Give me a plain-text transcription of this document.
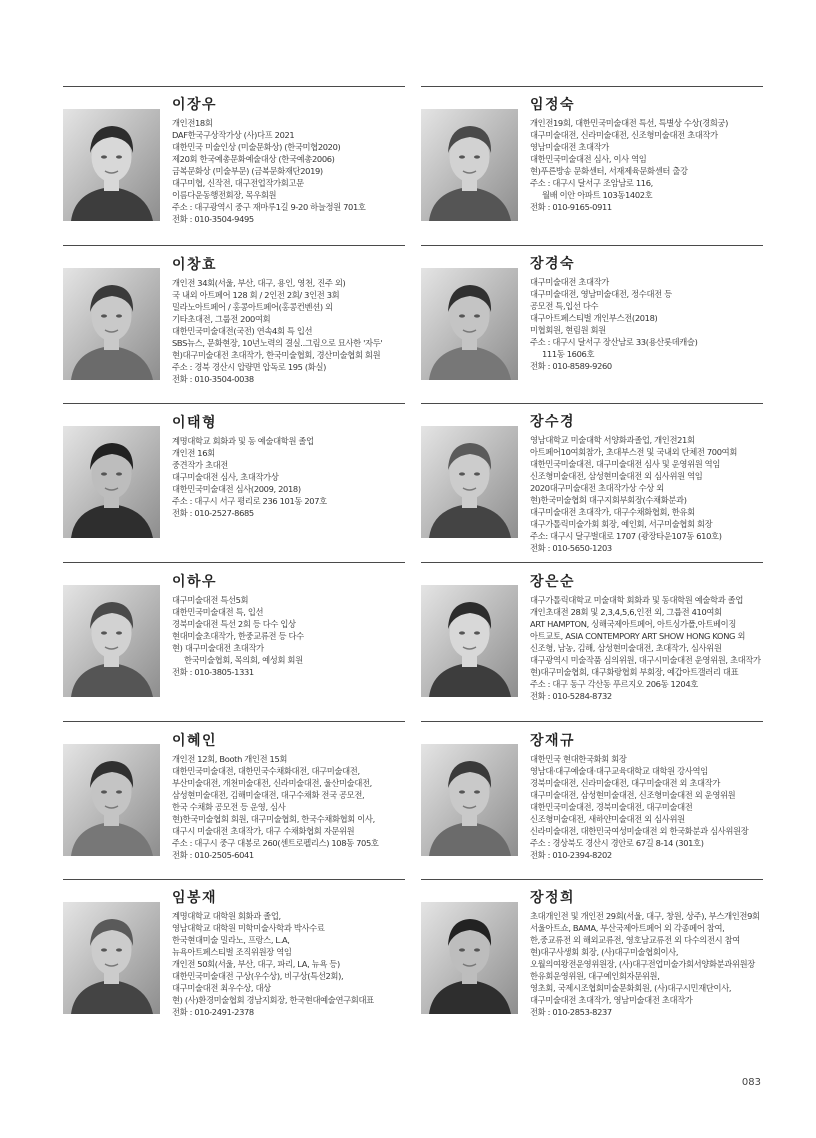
이장우
개인전18회
DAF한국구상작가상 (사)다프 2021
대한민국 미술인상 (미술문화상) (한국미협2020)
제20회 한국예총문화예술대상 (한국예총2006)
금복문화상 (미술부문) (금복문화재단2019)
대구미협, 신작전, 대구전업작가회고문
이름다운동행전회장, 목우회원
주소 : 대구광역시 중구 재마루1길 9-20 하늘정원 701호
전화 : 010-3504-9495
이창효
개인전 34회(서울, 부산, 대구, 용인, 영천, 진주 외)
국 내외 아트페어 128 회 / 2인전 2회/ 3인전 3회
밀라노아트페어 / 홍콩아트페어(홍콩컨벤션) 외
기타초대전, 그룹전 200여회
대한민국미술대전(국전) 연속4회 특 입선
SBS뉴스, 문화현장, 10년노력의 결실..그림으로 묘사한 '자두'
현)대구미술대전 초대작가, 한국미술협회, 경산미술협회 회원
주소 : 경북 경산시 압량면 압독로 195 (화실)
전화 : 010-3504-0038
이태형
계명대학교 회화과 및 동 예술대학원 졸업
개인전 16회
중견작가 초대전
대구미술대전 심사, 초대작가상
대한민국미술대전 심사(2009, 2018)
주소 : 대구시 서구 평리로 236 101동 207호
전화 : 010-2527-8685
이하우
대구미술대전 특선5회
대한민국미술대전 특, 입선
경북미술대전 특선 2회 등 다수 입상
현대미술초대작가, 한중교류전 등 다수
현) 대구미술대전 초대작가
한국미술협회, 목의회, 예성회 회원
전화 : 010-3805-1331
이혜인
개인전 12회, Booth 개인전 15회
대한민국미술대전, 대한민국수채화대전, 대구미술대전,
부산미술대전, 개천미술대전, 신라미술대전, 울산미술대전,
삼성현미술대전, 김해미술대전, 대구수채화 전국 공모전,
한국 수채화 공모전 등 운영, 심사
현)한국미술협회 회원, 대구미술협회, 한국수채화협회 이사,
대구시 미술대전 초대작가, 대구 수채화협회 자문위원
주소 : 대구시 중구 대봉로 260(센트로펠리스) 108동 705호
전화 : 010-2505-6041
임봉재
계명대학교 대학원 회화과 졸업,
영남대학교 대학원 미학미술사학과 박사수료
한국현대미술 밀라노, 프랑스, L.A,
뉴욕아트페스티벌 조직위원장 역임
개인전 50회(서울, 부산, 대구, 파리, LA, 뉴욕 등)
대한민국미술대전 구상(우수상), 비구상(특선2회),
대구미술대전 최우수상, 대상
현) (사)환경미술협회 경남지회장, 한국현대예술연구회대표
전화 : 010-2491-2378
임정숙
개인전19회, 대한민국미술대전 특선, 특별상 수상(경희궁)
대구미술대전, 신라미술대전, 신조형미술대전 초대작가
영남미술대전 초대작가
대한민국미술대전 심사, 이사 역임
현)푸른방송 문화센터, 서재제육문화센터 출강
주소 : 대구시 달서구 조암남로 116,
월배 이안 아파트 103동1402호
전화 : 010-9165-0911
장경숙
대구미술대전 초대작가
대구미술대전, 영남미술대전, 정수대전 등
공모전 특,입선 다수
대구아트페스티벌 개인부스전(2018)
미협회원, 현림원 회원
주소 : 대구시 달서구 장산남로 33(용산롯데캐슬)
111동 1606호
전화 : 010-8589-9260
장수경
영남대학교 미술대학 서양화과졸업, 개인전21회
아트페어10여회참가, 초대부스전 및 국내외 단체전 700여회
대한민국미술대전, 대구미술대전 심사 및 운영위원 역임
신조형미술대전, 삼성현미술대전 외 심사위원 역임
2020대구미술대전 초대작가상 수상 외
현)한국미술협회 대구지회부회장(수채화분과)
대구미술대전 초대작가, 대구수채화협회, 한유회
대구가톨릭미술가회 회장, 예인회, 서구미술협회 회장
주소: 대구시 달구벌대로 1707 (광장타운107동 610호)
전화 : 010-5650-1203
장은순
대구가톨릭대학교 미술대학 회화과 및 동대학원 예술학과 졸업
개인초대전 28회 및 2,3,4,5,6,인전 외, 그룹전 410여회
ART HAMPTON, 싱해국제아트페어, 아트싱가폴,아트베이징
아트교토, ASIA CONTEMPORY ART SHOW HONG KONG 외
신조형, 남농, 김해, 삼성현미술대전, 초대작가, 심사위원
대구광역시 미술작품 심의위원, 대구시미술대전 운영위원, 초대작가
현)대구미술협회, 대구화랑협회 부회장, 예갑아트갤러리 대표
주소 : 대구 동구 각산동 푸르지오 206동 1204호
전화 : 010-5284-8732
장재규
대한민국 현대한국화회 회장
영남대·대구예술대·대구교육대학교 대학원 강사역임
경북미술대전, 신라미술대전, 대구미술대전 외 초대작가
대구미술대전, 삼성현미술대전, 신조형미술대전 외 운영위원
대한민국미술대전, 경북미술대전, 대구미술대전
신조형미술대전, 새하얀미술대전 외 심사위원
신라미술대전, 대한민국여성미술대전 외 한국화분과 심사위원장
주소 : 경상북도 경산시 경안로 67길 8-14 (301호)
전화 : 010-2394-8202
장정희
초대개인전 및 개인전 29회(서울, 대구, 창원, 상주), 부스개인전9회
서울아트쇼, BAMA, 부산국제아트페어 외 각종페어 참여,
한,중교류전 외 해외교류전, 영호남교류전 외 다수의전시 참여
현)대구사생회 회장, (사)대구미술협회이사,
오월의여왕전운영위원장, (사)대구전업미술가회서양화분과위원장
한유회운영위원, 대구예인회자문위원,
영초회, 국제시조협회미술문화회원, (사)대구시민재단이사,
대구미술대전 초대작가, 영남미술대전 초대작가
전화 : 010-2853-8237
083
